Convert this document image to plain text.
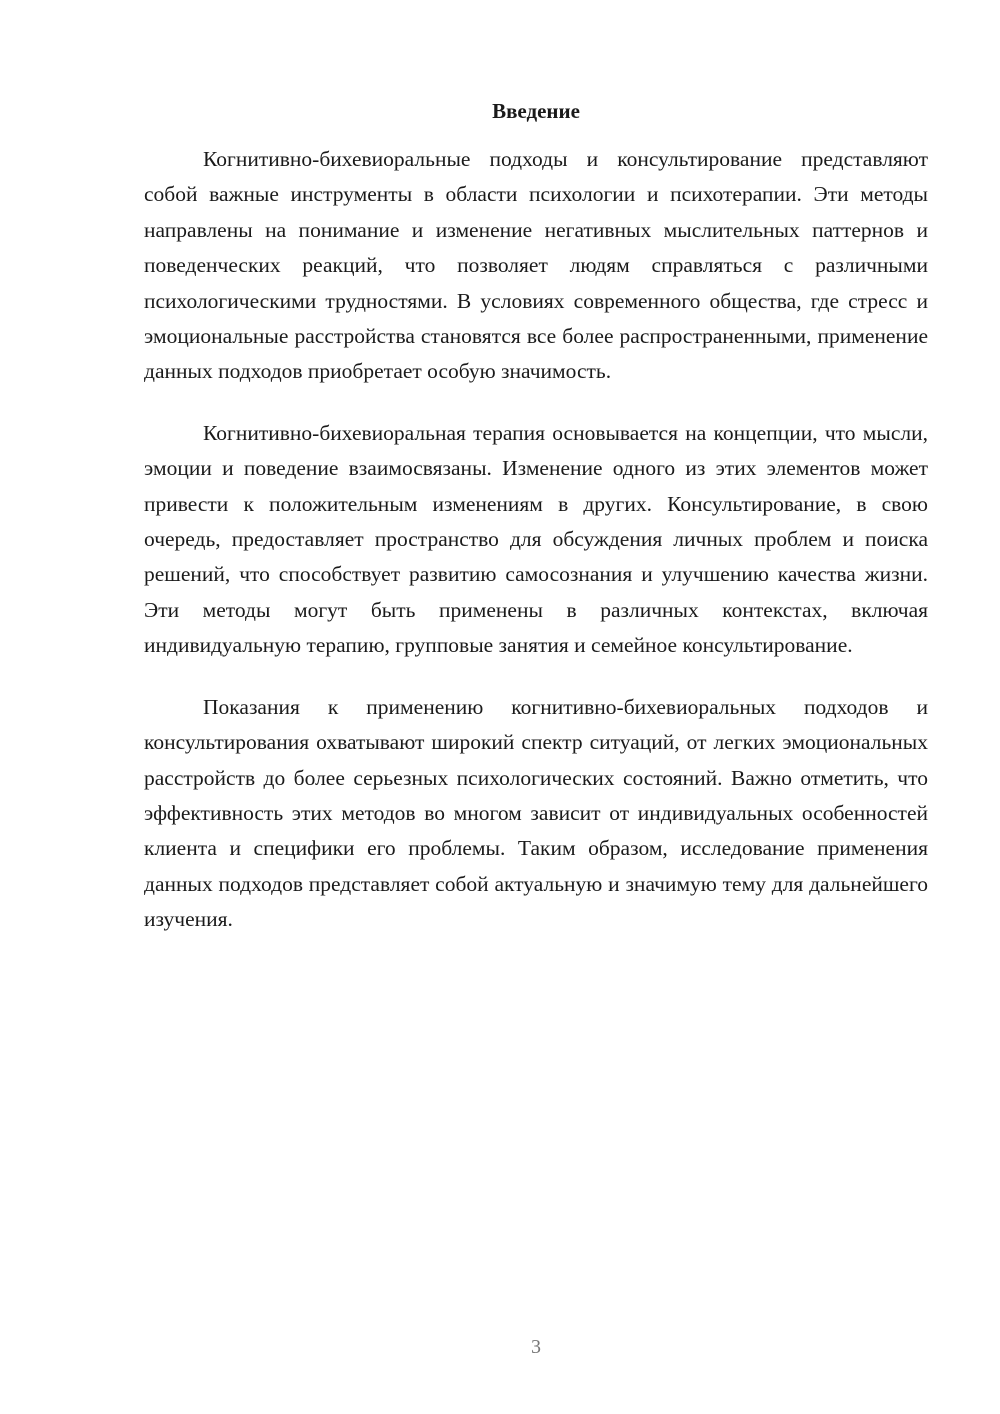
Введение

Когнитивно-бихевиоральные подходы и консультирование представляют собой важные инструменты в области психологии и психотерапии. Эти методы направлены на понимание и изменение негативных мыслительных паттернов и поведенческих реакций, что позволяет людям справляться с различными психологическими трудностями. В условиях современного общества, где стресс и эмоциональные расстройства становятся все более распространенными, применение данных подходов приобретает особую значимость.

Когнитивно-бихевиоральная терапия основывается на концепции, что мысли, эмоции и поведение взаимосвязаны. Изменение одного из этих элементов может привести к положительным изменениям в других. Консультирование, в свою очередь, предоставляет пространство для обсуждения личных проблем и поиска решений, что способствует развитию самосознания и улучшению качества жизни. Эти методы могут быть применены в различных контекстах, включая индивидуальную терапию, групповые занятия и семейное консультирование.

Показания к применению когнитивно-бихевиоральных подходов и консультирования охватывают широкий спектр ситуаций, от легких эмоциональных расстройств до более серьезных психологических состояний. Важно отметить, что эффективность этих методов во многом зависит от индивидуальных особенностей клиента и специфики его проблемы. Таким образом, исследование применения данных подходов представляет собой актуальную и значимую тему для дальнейшего изучения.

3
